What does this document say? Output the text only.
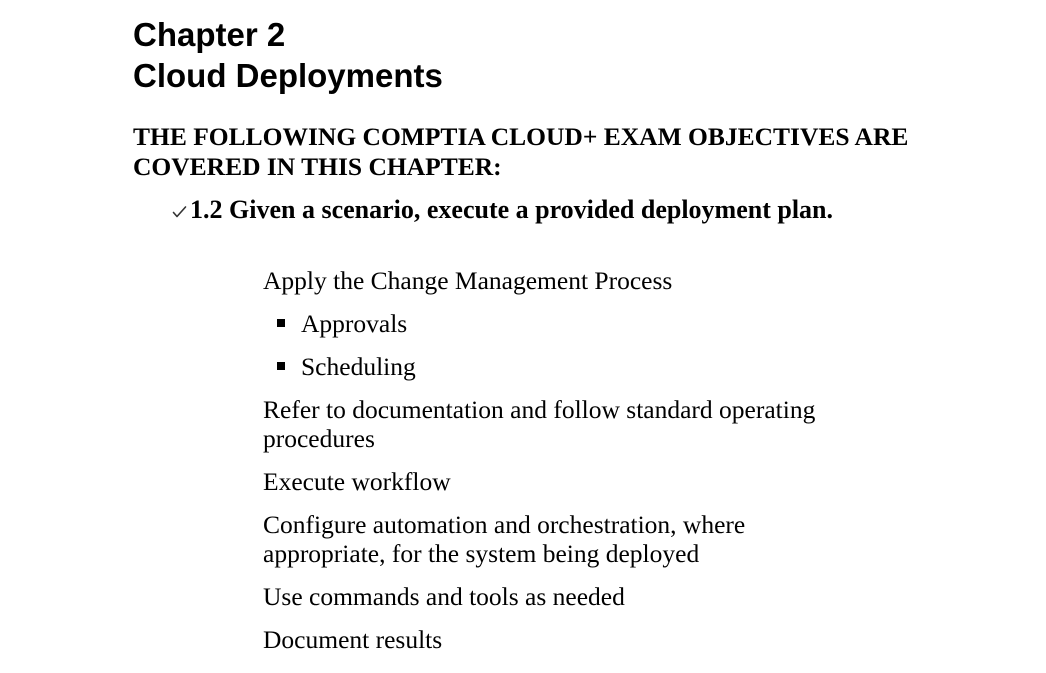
Chapter 2
Cloud Deployments

THE FOLLOWING COMPTIA CLOUD+ EXAM OBJECTIVES ARE COVERED IN THIS CHAPTER:

1.2 Given a scenario, execute a provided deployment plan.

Apply the Change Management Process
Approvals
Scheduling
Refer to documentation and follow standard operating procedures
Execute workflow
Configure automation and orchestration, where appropriate, for the system being deployed
Use commands and tools as needed
Document results
